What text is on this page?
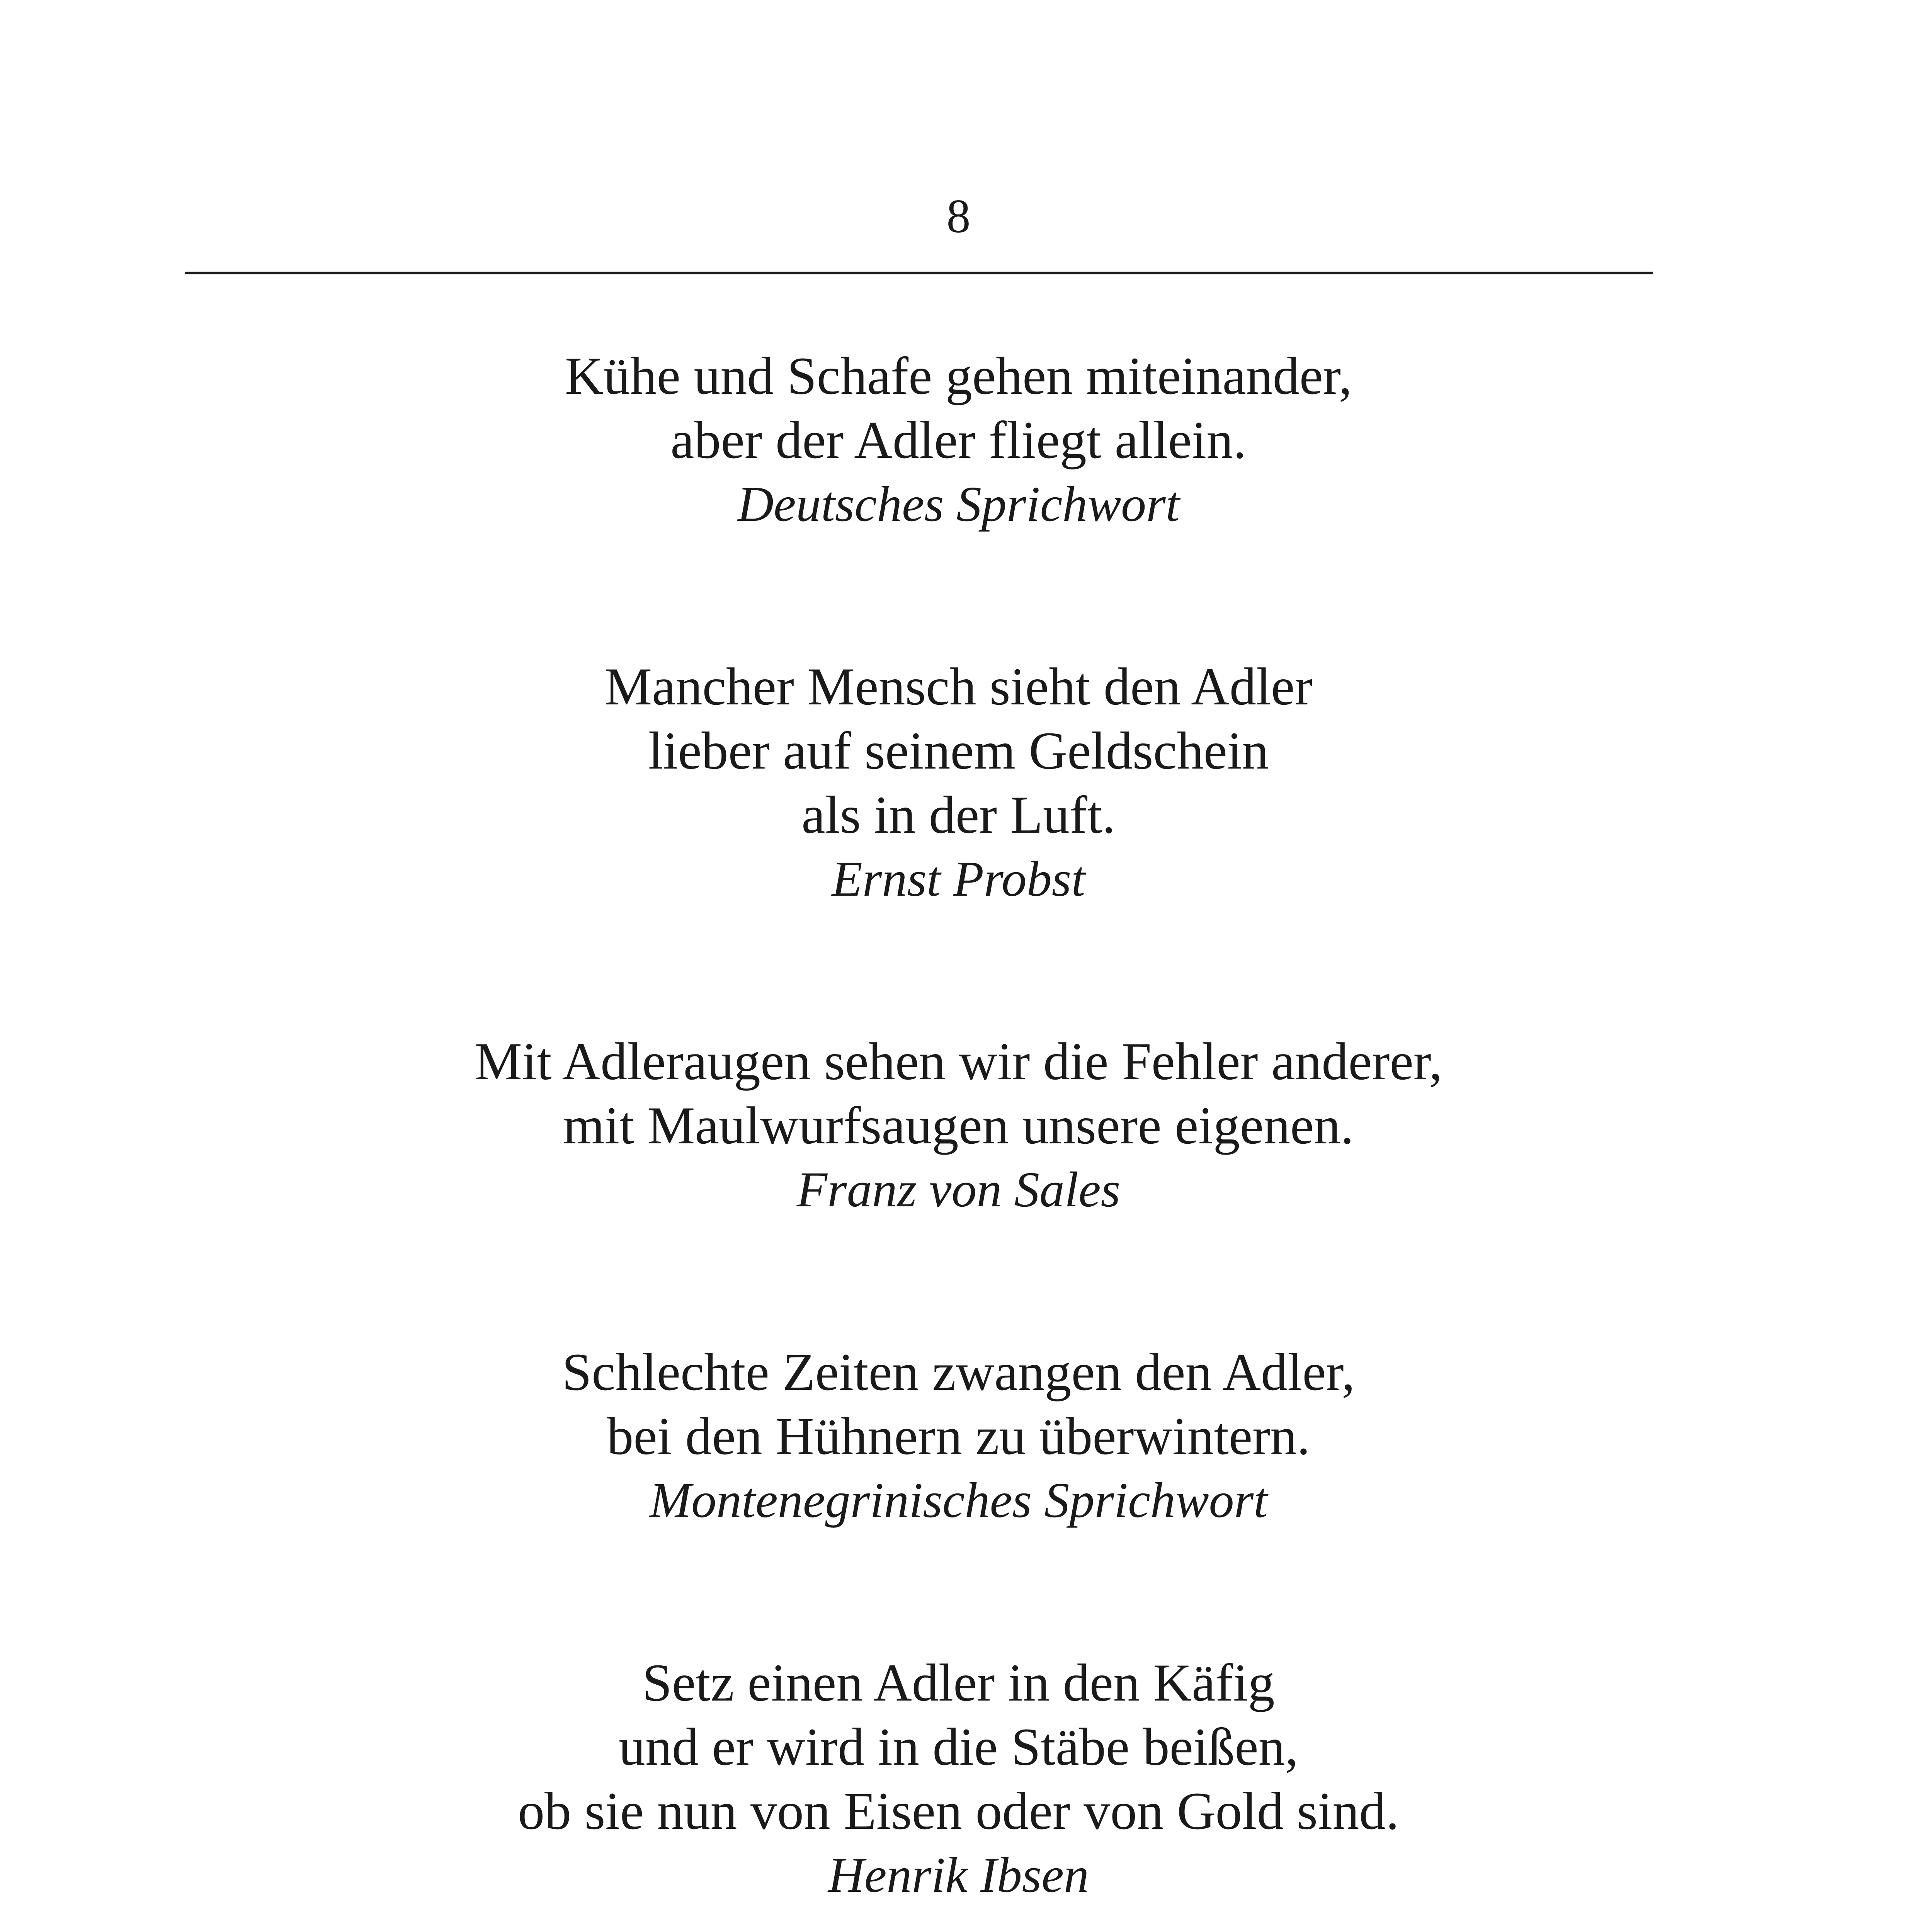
8
Kühe und Schafe gehen miteinander,
aber der Adler fliegt allein.
Deutsches Sprichwort
Mancher Mensch sieht den Adler
lieber auf seinem Geldschein
als in der Luft.
Ernst Probst
Mit Adleraugen sehen wir die Fehler anderer,
mit Maulwurfsaugen unsere eigenen.
Franz von Sales
Schlechte Zeiten zwangen den Adler,
bei den Hühnern zu überwintern.
Montenegrinisches Sprichwort
Setz einen Adler in den Käfig
und er wird in die Stäbe beißen,
ob sie nun von Eisen oder von Gold sind.
Henrik Ibsen
